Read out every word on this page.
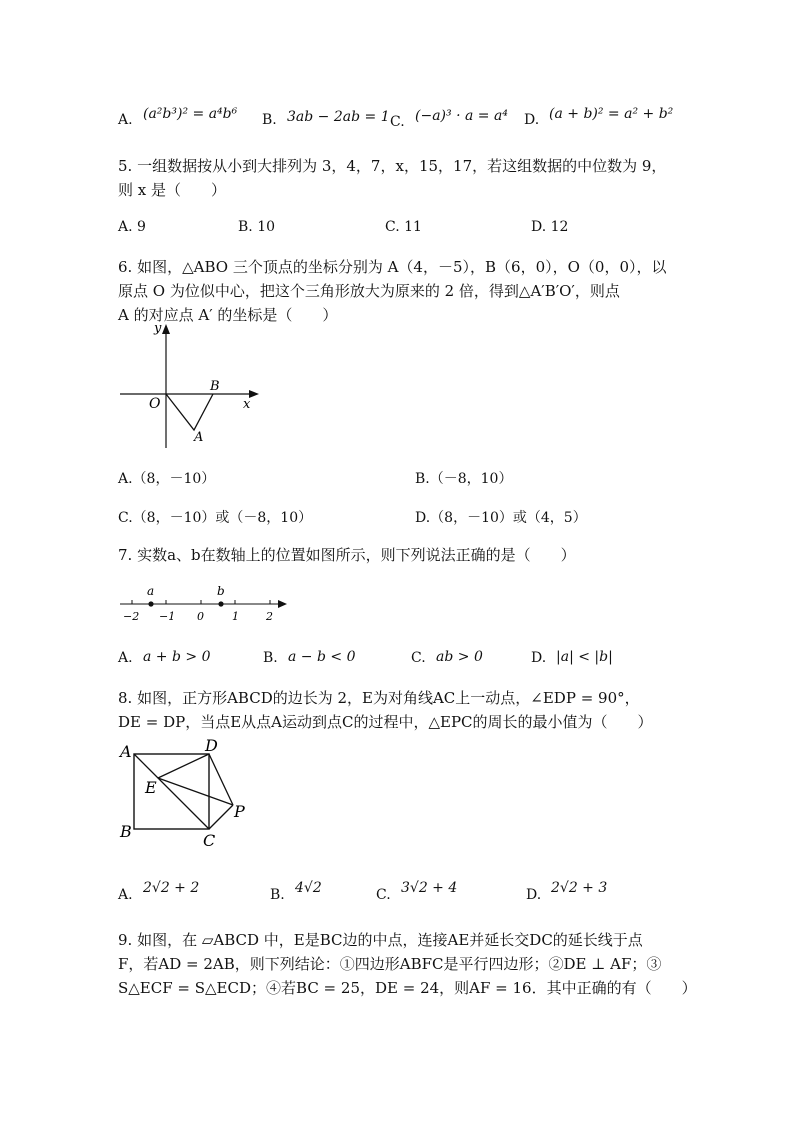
A. (a²b³)² = a⁴b⁶ B. 3ab − 2ab = 1 C. (−a)³ · a = a⁴ D. (a + b)² = a² + b²
5. 一组数据按从小到大排列为 3，4，7，x，15，17，若这组数据的中位数为 9，
则 x 是（　　）
A. 9	B. 10	C. 11	D. 12
6. 如图，△ABO 三个顶点的坐标分别为 A（4，－5），B（6，0），O（0，0），以
原点 O 为位似中心，把这个三角形放大为原来的 2 倍，得到△A′B′O′，则点
A 的对应点 A′ 的坐标是（　　）
y
x
O
B
A
A.（8，－10）	B.（－8，10）
C.（8，－10）或（－8，10）	D.（8，－10）或（4，5）
7. 实数a、b在数轴上的位置如图所示，则下列说法正确的是（　　）
a	b
−2 −1 0	1 2
A. a + b > 0	B. a − b < 0	C. ab > 0	D. |a| < |b|
8. 如图，正方形ABCD的边长为 2，E为对角线AC上一动点，∠EDP = 90°，
DE = DP，当点E从点A运动到点C的过程中，△EPC的周长的最小值为（　　）
A	D
E
P
B	C
A. 2√2 + 2	B. 4√2	C. 3√2 + 4	D. 2√2 + 3
9. 如图，在 ▱ABCD 中，E是BC边的中点，连接AE并延长交DC的延长线于点
F，若AD = 2AB，则下列结论：①四边形ABFC是平行四边形；②DE ⊥ AF；③
S△ECF = S△ECD；④若BC = 25，DE = 24，则AF = 16．其中正确的有（　　）
